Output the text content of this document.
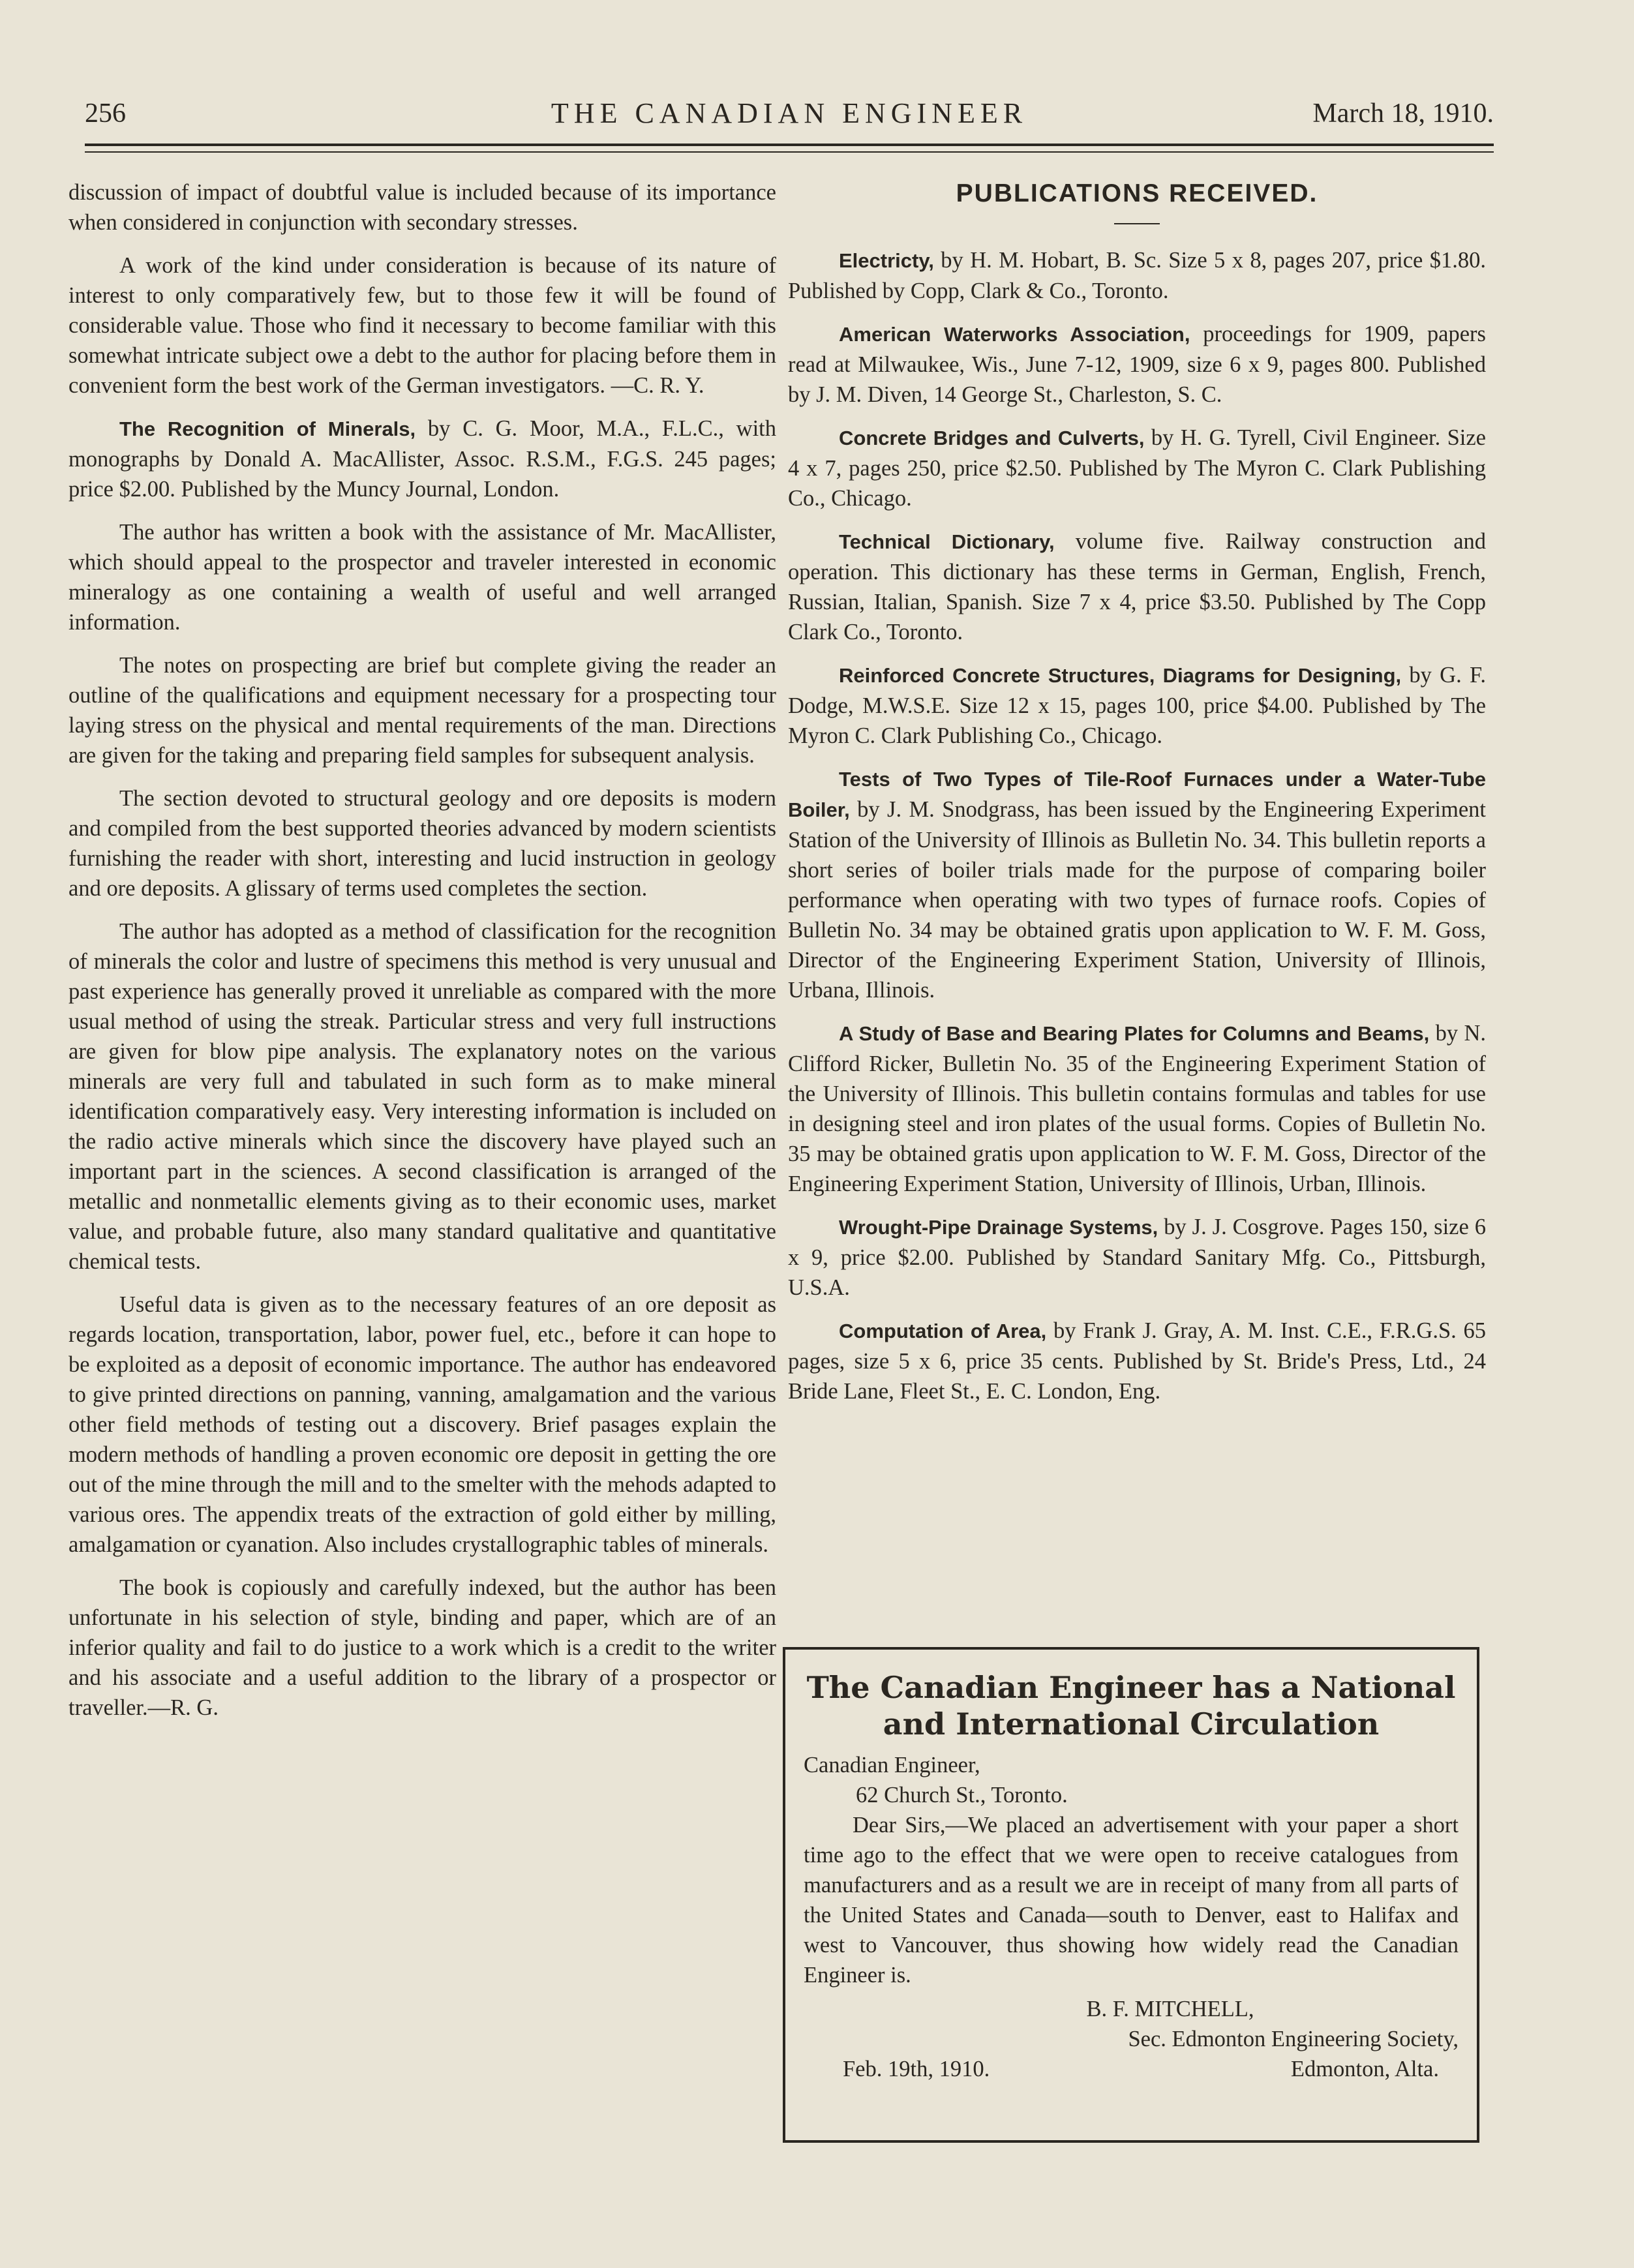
256	THE CANADIAN ENGINEER	March 18, 1910.

discussion of impact of doubtful value is included because of its importance when considered in conjunction with secondary stresses.

A work of the kind under consideration is because of its nature of interest to only comparatively few, but to those few it will be found of considerable value. Those who find it necessary to become familiar with this somewhat intricate subject owe a debt to the author for placing before them in convenient form the best work of the German investigators. —C. R. Y.

The Recognition of Minerals, by C. G. Moor, M.A., F.L.C., with monographs by Donald A. MacAllister, Assoc. R.S.M., F.G.S. 245 pages; price $2.00. Published by the Muncy Journal, London.

The author has written a book with the assistance of Mr. MacAllister, which should appeal to the prospector and traveler interested in economic mineralogy as one containing a wealth of useful and well arranged information.

The notes on prospecting are brief but complete giving the reader an outline of the qualifications and equipment necessary for a prospecting tour laying stress on the physical and mental requirements of the man. Directions are given for the taking and preparing field samples for subsequent analysis.

The section devoted to structural geology and ore deposits is modern and compiled from the best supported theories advanced by modern scientists furnishing the reader with short, interesting and lucid instruction in geology and ore deposits. A glissary of terms used completes the section.

The author has adopted as a method of classification for the recognition of minerals the color and lustre of specimens this method is very unusual and past experience has generally proved it unreliable as compared with the more usual method of using the streak. Particular stress and very full instructions are given for blow pipe analysis. The explanatory notes on the various minerals are very full and tabulated in such form as to make mineral identification comparatively easy. Very interesting information is included on the radio active minerals which since the discovery have played such an important part in the sciences. A second classification is arranged of the metallic and nonmetallic elements giving as to their economic uses, market value, and probable future, also many standard qualitative and quantitative chemical tests.

Useful data is given as to the necessary features of an ore deposit as regards location, transportation, labor, power fuel, etc., before it can hope to be exploited as a deposit of economic importance. The author has endeavored to give printed directions on panning, vanning, amalgamation and the various other field methods of testing out a discovery. Brief pasages explain the modern methods of handling a proven economic ore deposit in getting the ore out of the mine through the mill and to the smelter with the mehods adapted to various ores. The appendix treats of the extraction of gold either by milling, amalgamation or cyanation. Also includes crystallographic tables of minerals.

The book is copiously and carefully indexed, but the author has been unfortunate in his selection of style, binding and paper, which are of an inferior quality and fail to do justice to a work which is a credit to the writer and his associate and a useful addition to the library of a prospector or traveller.—R. G.

PUBLICATIONS RECEIVED.

Electricty, by H. M. Hobart, B. Sc. Size 5 x 8, pages 207, price $1.80. Published by Copp, Clark & Co., Toronto.

American Waterworks Association, proceedings for 1909, papers read at Milwaukee, Wis., June 7-12, 1909, size 6 x 9, pages 800. Published by J. M. Diven, 14 George St., Charleston, S. C.

Concrete Bridges and Culverts, by H. G. Tyrell, Civil Engineer. Size 4 x 7, pages 250, price $2.50. Published by The Myron C. Clark Publishing Co., Chicago.

Technical Dictionary, volume five. Railway construction and operation. This dictionary has these terms in German, English, French, Russian, Italian, Spanish. Size 7 x 4, price $3.50. Published by The Copp Clark Co., Toronto.

Reinforced Concrete Structures, Diagrams for Designing, by G. F. Dodge, M.W.S.E. Size 12 x 15, pages 100, price $4.00. Published by The Myron C. Clark Publishing Co., Chicago.

Tests of Two Types of Tile-Roof Furnaces under a Water-Tube Boiler, by J. M. Snodgrass, has been issued by the Engineering Experiment Station of the University of Illinois as Bulletin No. 34. This bulletin reports a short series of boiler trials made for the purpose of comparing boiler performance when operating with two types of furnace roofs. Copies of Bulletin No. 34 may be obtained gratis upon application to W. F. M. Goss, Director of the Engineering Experiment Station, University of Illinois, Urbana, Illinois.

A Study of Base and Bearing Plates for Columns and Beams, by N. Clifford Ricker, Bulletin No. 35 of the Engineering Experiment Station of the University of Illinois. This bulletin contains formulas and tables for use in designing steel and iron plates of the usual forms. Copies of Bulletin No. 35 may be obtained gratis upon application to W. F. M. Goss, Director of the Engineering Experiment Station, University of Illinois, Urban, Illinois.

Wrought-Pipe Drainage Systems, by J. J. Cosgrove. Pages 150, size 6 x 9, price $2.00. Published by Standard Sanitary Mfg. Co., Pittsburgh, U.S.A.

Computation of Area, by Frank J. Gray, A. M. Inst. C.E., F.R.G.S. 65 pages, size 5 x 6, price 35 cents. Published by St. Bride's Press, Ltd., 24 Bride Lane, Fleet St., E. C. London, Eng.

The Canadian Engineer has a National and International Circulation

Canadian Engineer,

62 Church St., Toronto.

Dear Sirs,—We placed an advertisement with your paper a short time ago to the effect that we were open to receive catalogues from manufacturers and as a result we are in receipt of many from all parts of the United States and Canada—south to Denver, east to Halifax and west to Vancouver, thus showing how widely read the Canadian Engineer is.

B. F. MITCHELL,

Sec. Edmonton Engineering Society,

Feb. 19th, 1910.	Edmonton, Alta.
